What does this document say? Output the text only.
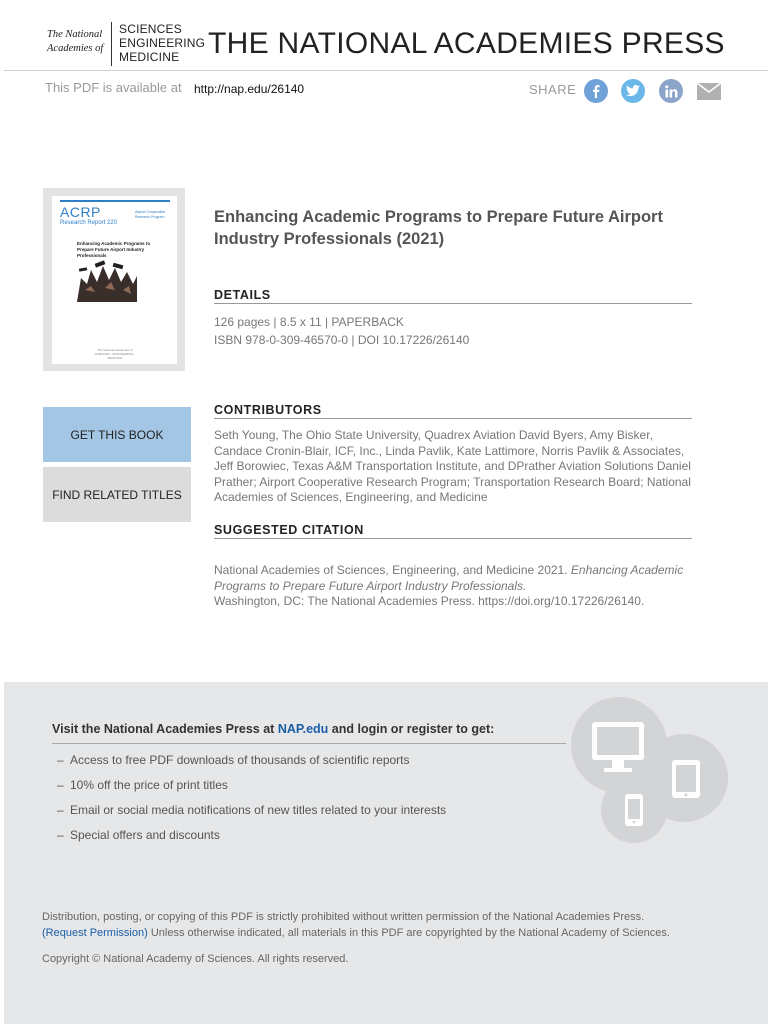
The National
Academies of
SCIENCES
ENGINEERING
MEDICINE THE NATIONAL ACADEMIES PRESS
This PDF is available at http://nap.edu/26140	SHARE
ACRP
Research Report 220
Airport Cooperative Research Program
Enhancing Academic Programs to Prepare Future Airport Industry Professionals
The National Academies of SCIENCES · ENGINEERING · MEDICINE
Enhancing Academic Programs to Prepare Future Airport Industry Professionals (2021)
DETAILS
126 pages | 8.5 x 11 | PAPERBACK
ISBN 978-0-309-46570-0 | DOI 10.17226/26140
CONTRIBUTORS

Seth Young, The Ohio State University, Quadrex Aviation David Byers, Amy Bisker, Candace Cronin-Blair, ICF, Inc., Linda Pavlik, Kate Lattimore, Norris Pavlik & Associates, Jeff Borowiec, Texas A&M Transportation Institute, and DPrather Aviation Solutions Daniel Prather; Airport Cooperative Research Program; Transportation Research Board; National Academies of Sciences, Engineering, and Medicine

SUGGESTED CITATION

National Academies of Sciences, Engineering, and Medicine 2021. Enhancing Academic Programs to Prepare Future Airport Industry Professionals.
Washington, DC: The National Academies Press. https://doi.org/10.17226/26140.

GET THIS BOOK
FIND RELATED TITLES
Visit the National Academies Press at NAP.edu and login or register to get:
– Access to free PDF downloads of thousands of scientific reports
– 10% off the price of print titles
– Email or social media notifications of new titles related to your interests
– Special offers and discounts
Distribution, posting, or copying of this PDF is strictly prohibited without written permission of the National Academies Press.
(Request Permission) Unless otherwise indicated, all materials in this PDF are copyrighted by the National Academy of Sciences.
Copyright © National Academy of Sciences. All rights reserved.
